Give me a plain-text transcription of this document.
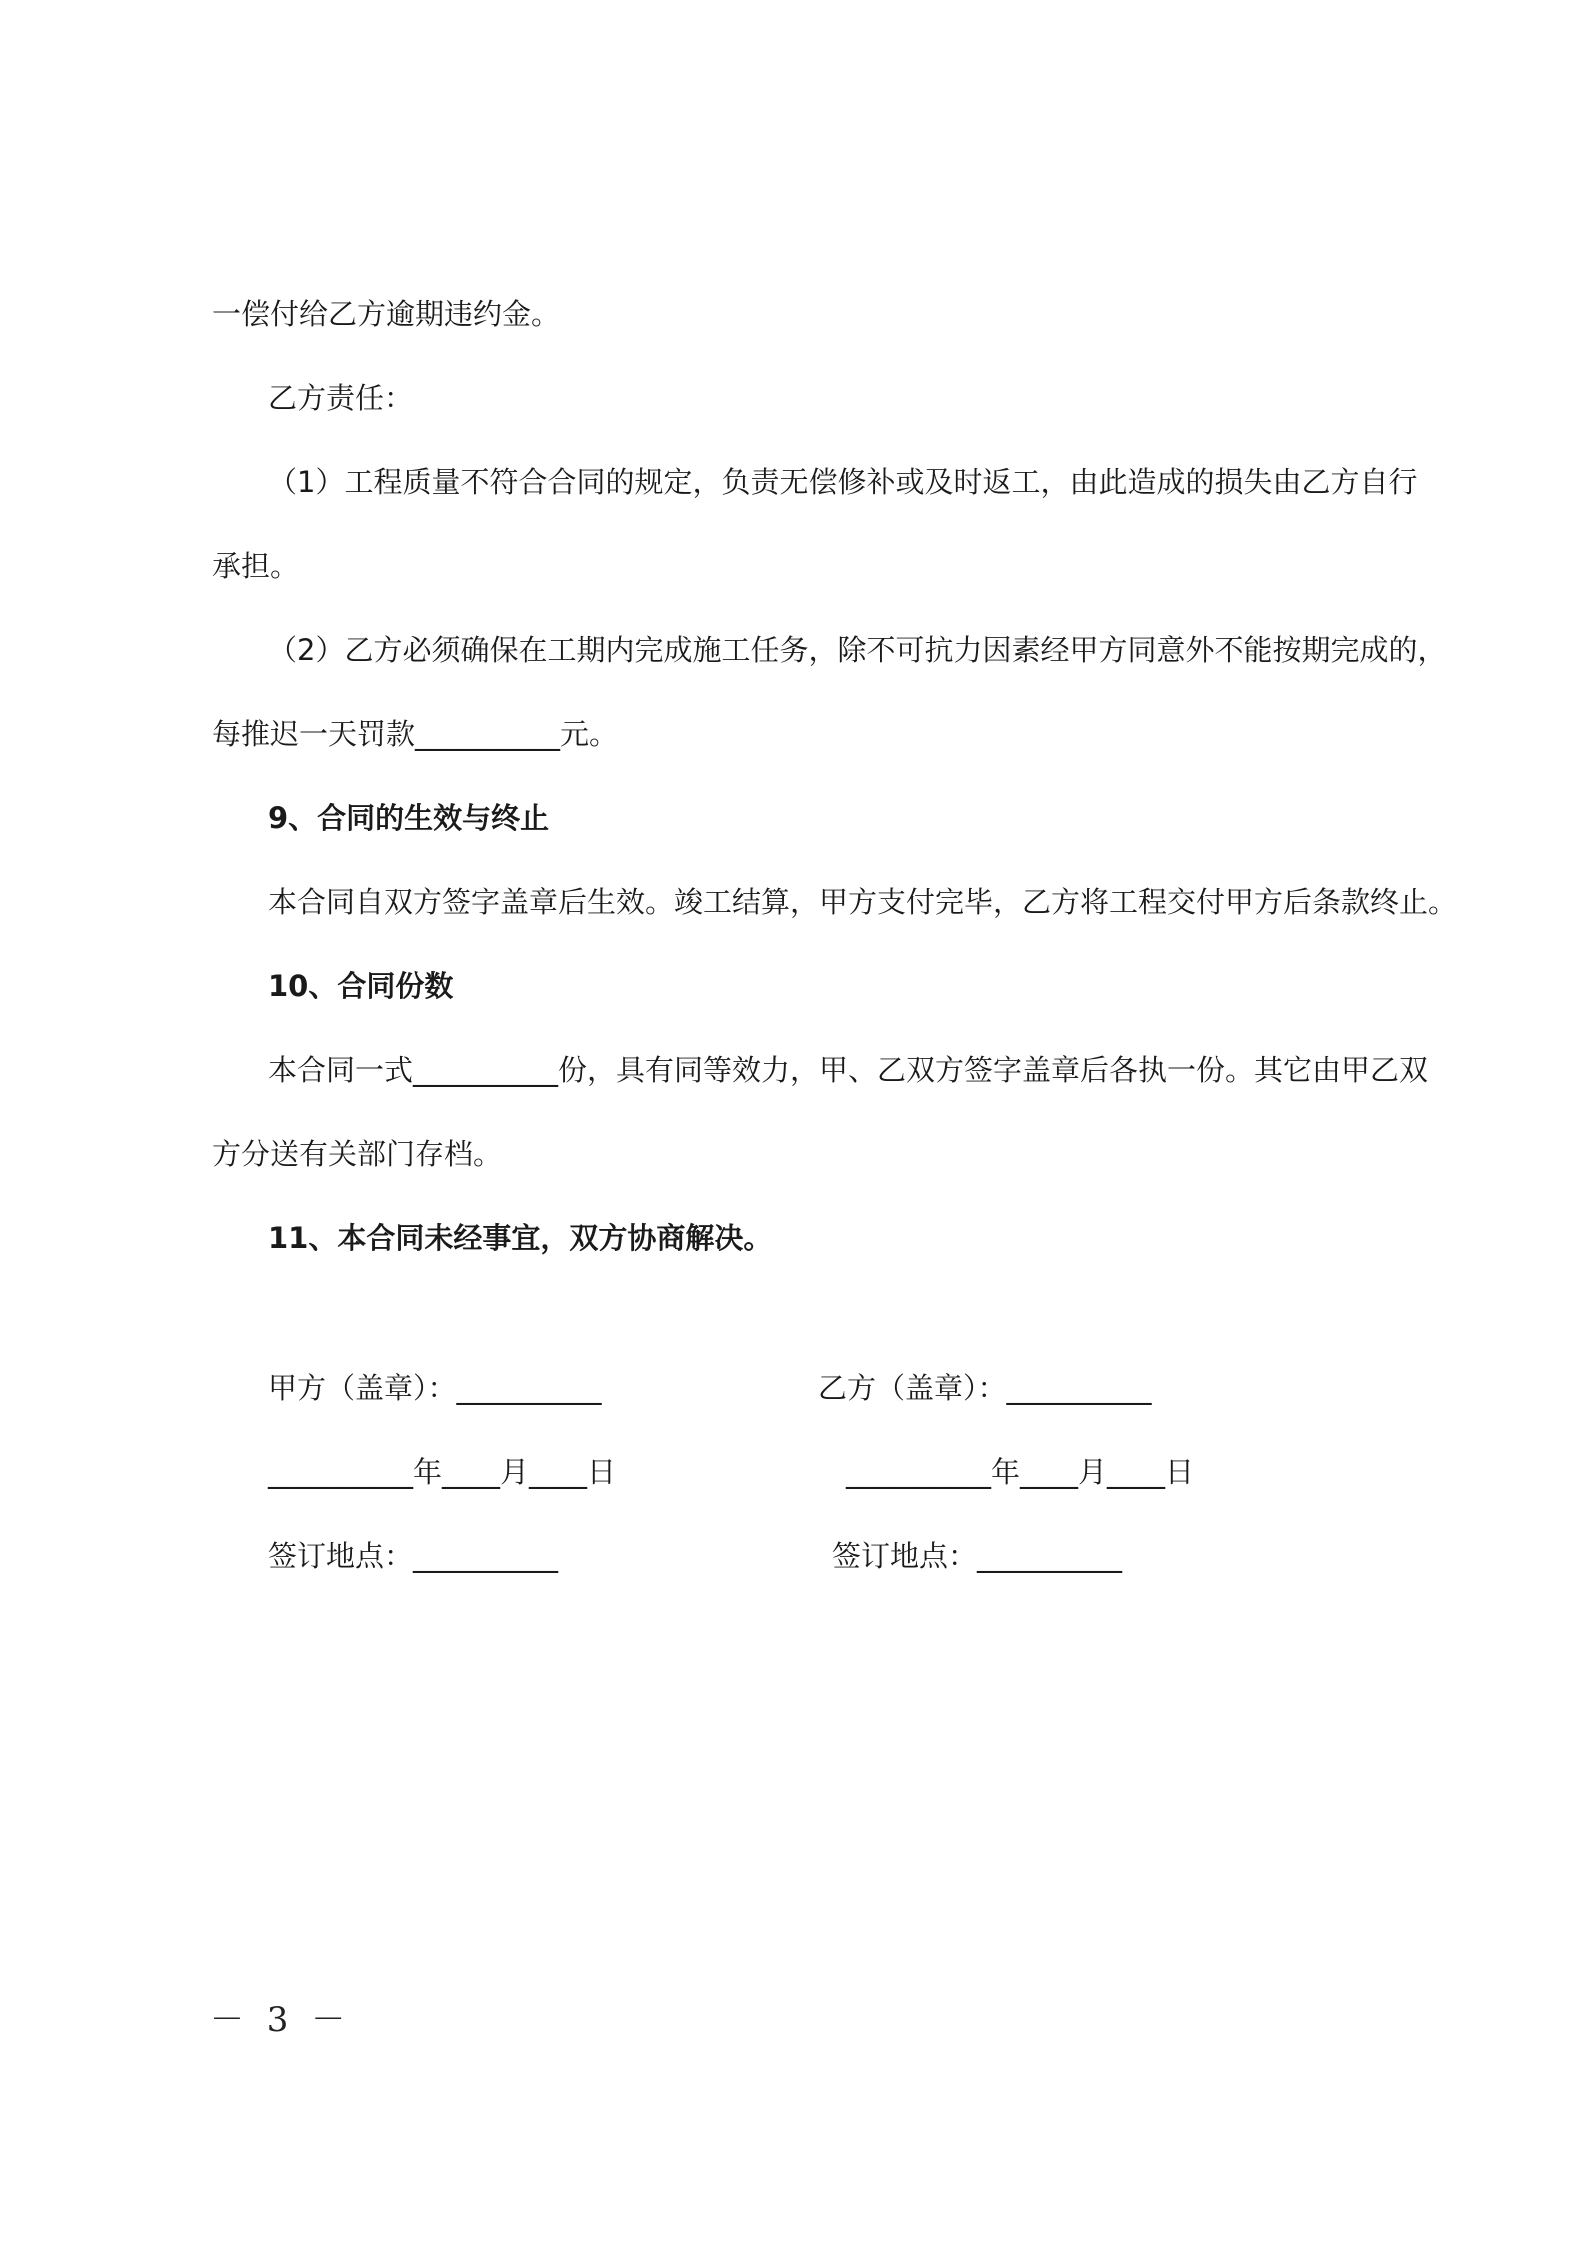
一偿付给乙方逾期违约金。
乙方责任：
（1）工程质量不符合合同的规定，负责无偿修补或及时返工，由此造成的损失由乙方自行
承担。
（2）乙方必须确保在工期内完成施工任务，除不可抗力因素经甲方同意外不能按期完成的，
每推迟一天罚款__________元。
9、合同的生效与终止
本合同自双方签字盖章后生效。竣工结算，甲方支付完毕，乙方将工程交付甲方后条款终止。
10、合同份数
本合同一式__________份，具有同等效力，甲、乙双方签字盖章后各执一份。其它由甲乙双
方分送有关部门存档。
11、本合同未经事宜，双方协商解决。
甲方（盖章）：__________	乙方（盖章）：__________
__________年____月____日	__________年____月____日
签订地点：__________	签订地点：__________
－ 3 －
